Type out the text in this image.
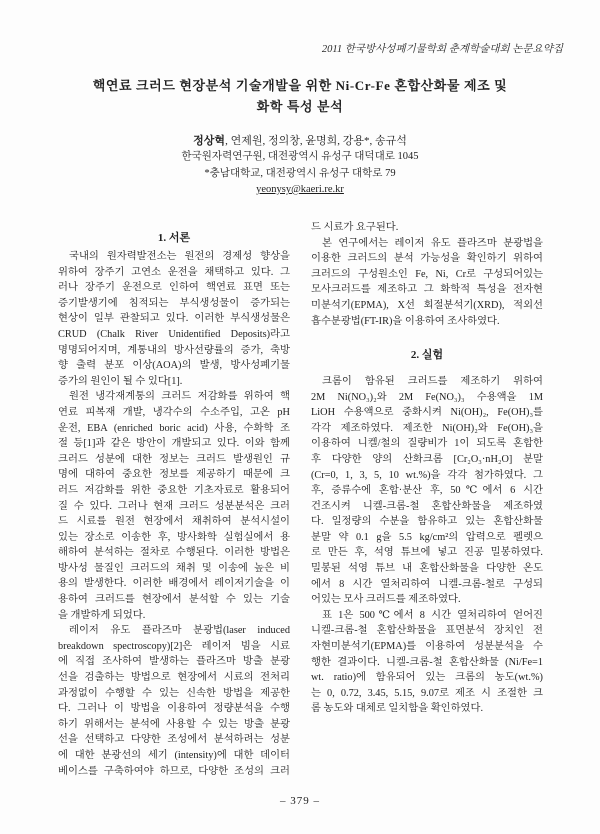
2011 한국방사성폐기물학회 춘계학술대회 논문요약집
핵연료 크러드 현장분석 기술개발을 위한 Ni-Cr-Fe 혼합산화물 제조 및
화학 특성 분석
정상혁, 연제원, 정의창, 윤명희, 강용*, 송규석
한국원자력연구원, 대전광역시 유성구 대덕대로 1045
*충남대학교, 대전광역시 유성구 대학로 79
yeonysy@kaeri.re.kr
1. 서론
국내의 원자력발전소는 원전의 경제성 향상을
위하여 장주기 고연소 운전을 채택하고 있다. 그
러나 장주기 운전으로 인하여 핵연료 표면 또는
증기발생기에 침적되는 부식생성물이 증가되는
현상이 일부 관찰되고 있다. 이러한 부식생성물은
CRUD (Chalk River Unidentified Deposits)라고
명명되어지며, 계통내의 방사선량률의 증가, 축방
향 출력 분포 이상(AOA)의 발생, 방사성폐기물
증가의 원인이 될 수 있다[1].
원전 냉각재계통의 크러드 저감화를 위하여 핵
연료 피복재 개발, 냉각수의 수소주입, 고온 pH
운전, EBA (enriched boric acid) 사용, 수화학 조
절 등[1]과 같은 방안이 개발되고 있다. 이와 함께
크러드 성분에 대한 정보는 크러드 발생원인 규
명에 대하여 중요한 정보를 제공하기 때문에 크
러드 저감화를 위한 중요한 기초자료로 활용되어
질 수 있다. 그러나 현재 크러드 성분분석은 크러
드 시료를 원전 현장에서 채취하여 분석시설이
있는 장소로 이송한 후, 방사화학 실험실에서 용
해하여 분석하는 절차로 수행된다. 이러한 방법은
방사성 물질인 크러드의 채취 및 이송에 높은 비
용의 발생한다. 이러한 배경에서 레이저기술을 이
용하여 크러드를 현장에서 분석할 수 있는 기술
을 개발하게 되었다.
레이저 유도 플라즈마 분광법(laser induced
breakdown spectroscopy)[2]은 레이저 빔을 시료
에 직접 조사하여 발생하는 플라즈마 방출 분광
선을 검출하는 방법으로 현장에서 시료의 전처리
과정없이 수행할 수 있는 신속한 방법을 제공한
다. 그러나 이 방법을 이용하여 정량분석을 수행
하기 위해서는 분석에 사용할 수 있는 방출 분광
선을 선택하고 다양한 조성에서 분석하려는 성분
에 대한 분광선의 세기 (intensity)에 대한 데이터
베이스를 구축하여야 하므로, 다양한 조성의 크러
드 시료가 요구된다.
본 연구에서는 레이저 유도 플라즈마 분광법을
이용한 크러드의 분석 가능성을 확인하기 위하여
크러드의 구성원소인 Fe, Ni, Cr로 구성되어있는
모사크러드를 제조하고 그 화학적 특성을 전자현
미분석기(EPMA), X선 회절분석기(XRD), 적외선
흡수분광법(FT-IR)을 이용하여 조사하였다.
2. 실험
크롬이 함유된 크러드를 제조하기 위하여
2M Ni(NO₃)₂와 2M Fe(NO₃)₃ 수용액을 1M
LiOH 수용액으로 중화시켜 Ni(OH)₂, Fe(OH)₃를
각각 제조하였다. 제조한 Ni(OH)₂와 Fe(OH)₃을
이용하여 니켈/철의 질량비가 1이 되도록 혼합한
후 다양한 양의 산화크롬 [Cr₂O₃·nH₂O] 분말
(Cr=0, 1, 3, 5, 10 wt.%)을 각각 첨가하였다. 그
후, 증류수에 혼합·분산 후, 50℃에서 6 시간
건조시켜 니켈-크롬-철 혼합산화물을 제조하였
다. 일정량의 수분을 함유하고 있는 혼합산화물
분말 약 0.1 g을 5.5 kg/cm²의 압력으로 펠렛으
로 만든 후, 석영 튜브에 넣고 진공 밀봉하였다.
밀봉된 석영 튜브 내 혼합산화물을 다양한 온도
에서 8 시간 열처리하여 니켈-크롬-철로 구성되
어있는 모사 크러드를 제조하였다.
표 1은 500℃에서 8 시간 열처리하여 얻어진
니켈-크롬-철 혼합산화물을 표면분석 장치인 전
자현미분석기(EPMA)를 이용하여 성분분석을 수
행한 결과이다. 니켈-크롬-철 혼합산화물 (Ni/Fe=1
wt. ratio)에 함유되어 있는 크롬의 농도(wt.%)
는 0, 0.72, 3.45, 5.15, 9.07로 제조 시 조절한 크
롬 농도와 대체로 일치함을 확인하였다.
– 379 –
